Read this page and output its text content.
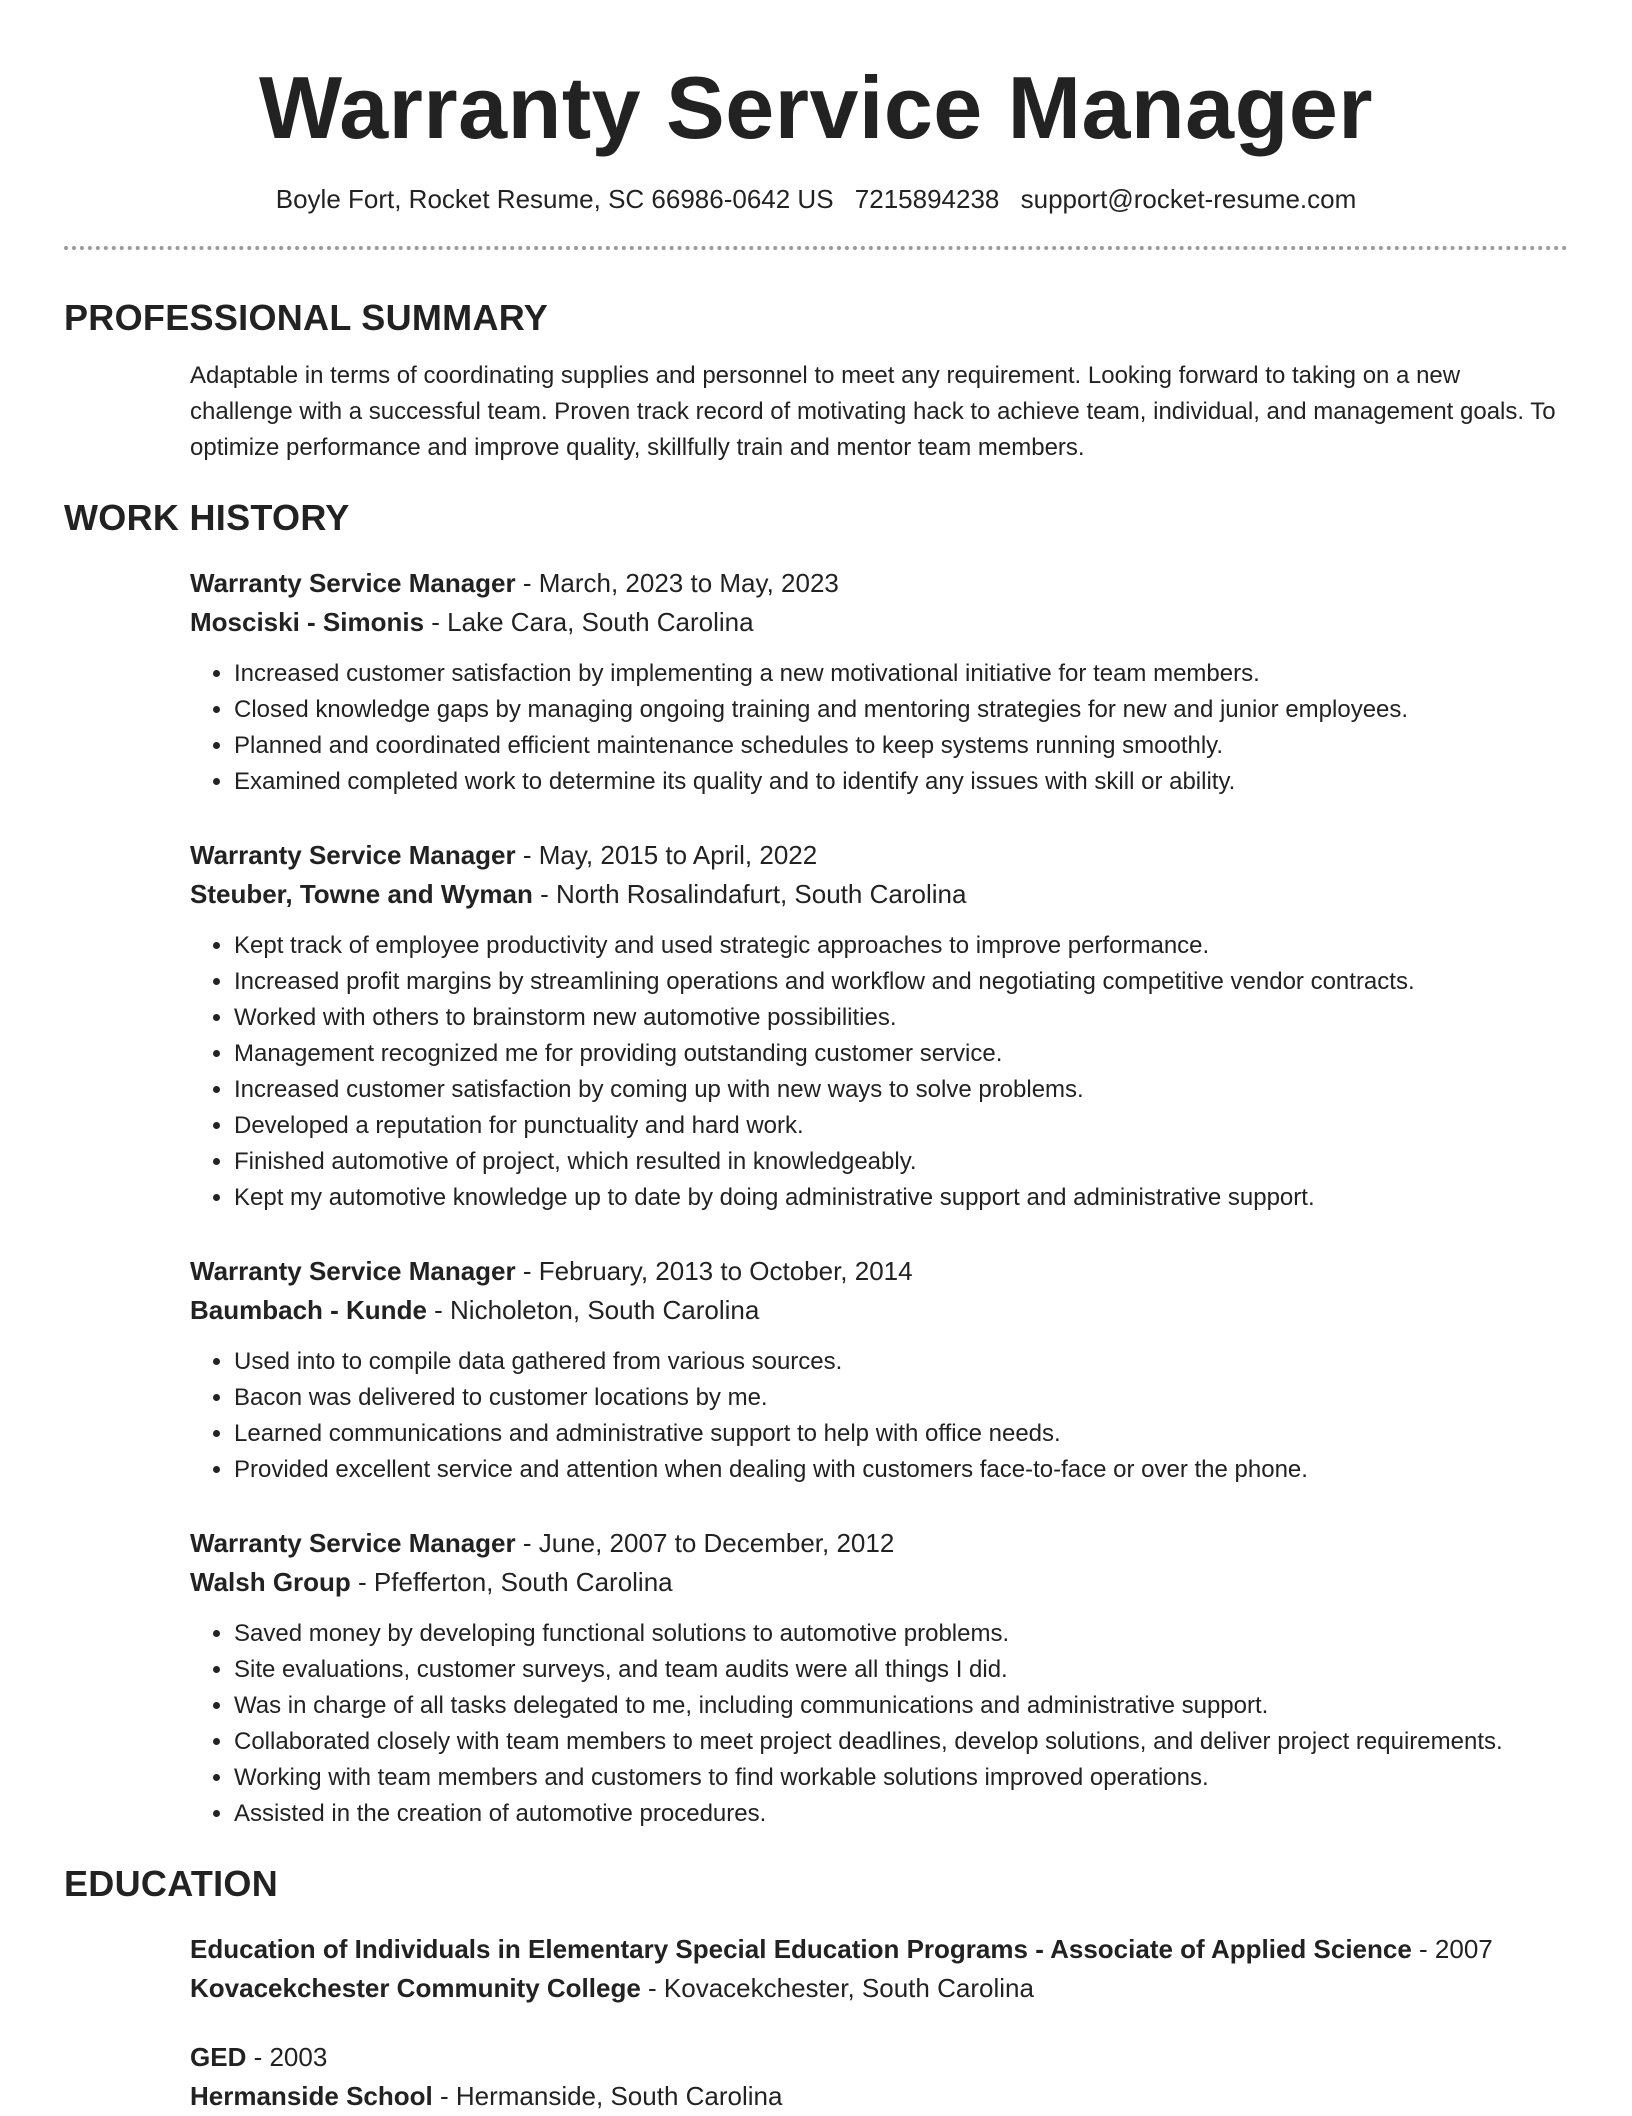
Warranty Service Manager
Boyle Fort, Rocket Resume, SC 66986-0642 US 7215894238 support@rocket-resume.com
PROFESSIONAL SUMMARY
Adaptable in terms of coordinating supplies and personnel to meet any requirement. Looking forward to taking on a new challenge with a successful team. Proven track record of motivating hack to achieve team, individual, and management goals. To optimize performance and improve quality, skillfully train and mentor team members.
WORK HISTORY
Warranty Service Manager - March, 2023 to May, 2023
Mosciski - Simonis - Lake Cara, South Carolina
• Increased customer satisfaction by implementing a new motivational initiative for team members.
• Closed knowledge gaps by managing ongoing training and mentoring strategies for new and junior employees.
• Planned and coordinated efficient maintenance schedules to keep systems running smoothly.
• Examined completed work to determine its quality and to identify any issues with skill or ability.
Warranty Service Manager - May, 2015 to April, 2022
Steuber, Towne and Wyman - North Rosalindafurt, South Carolina
• Kept track of employee productivity and used strategic approaches to improve performance.
• Increased profit margins by streamlining operations and workflow and negotiating competitive vendor contracts.
• Worked with others to brainstorm new automotive possibilities.
• Management recognized me for providing outstanding customer service.
• Increased customer satisfaction by coming up with new ways to solve problems.
• Developed a reputation for punctuality and hard work.
• Finished automotive of project, which resulted in knowledgeably.
• Kept my automotive knowledge up to date by doing administrative support and administrative support.
Warranty Service Manager - February, 2013 to October, 2014
Baumbach - Kunde - Nicholeton, South Carolina
• Used into to compile data gathered from various sources.
• Bacon was delivered to customer locations by me.
• Learned communications and administrative support to help with office needs.
• Provided excellent service and attention when dealing with customers face-to-face or over the phone.
Warranty Service Manager - June, 2007 to December, 2012
Walsh Group - Pfefferton, South Carolina
• Saved money by developing functional solutions to automotive problems.
• Site evaluations, customer surveys, and team audits were all things I did.
• Was in charge of all tasks delegated to me, including communications and administrative support.
• Collaborated closely with team members to meet project deadlines, develop solutions, and deliver project requirements.
• Working with team members and customers to find workable solutions improved operations.
• Assisted in the creation of automotive procedures.
EDUCATION
Education of Individuals in Elementary Special Education Programs - Associate of Applied Science - 2007
Kovacekchester Community College - Kovacekchester, South Carolina
GED - 2003
Hermanside School - Hermanside, South Carolina
